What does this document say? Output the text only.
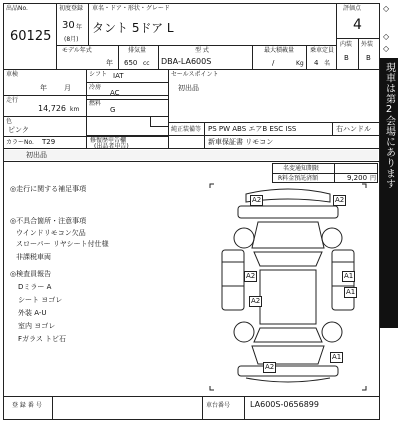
出品No.
60125
初度登録
30 年
(8月)
車名・ドア・形状・グレード
タント 5ドア L
評価点
4
内装 外装
B B
モデル年式
年
排気量
650 cc
型 式
DBA-LA600S
最大積載量
/	Kg
乗車定員
4 名
車検
年 月
走行
14,726 km
色
ピンク
カラーNo. T29
シフト IAT
冷房
AC
燃料
G
セールスポイント
初出品
純正装備等 PS PW ABS エアB ESC ISS	右ハンドル
修復歴申告欄
(出品者申告)
新車保証書 リモコン
初出品
名変通知期限
R料金預託済額	9,200 円
◎走行に関する補足事項
◎不具合箇所・注意事項
ウインドリモコン欠品
スローパー リヤシート付仕様
非課税車両
◎検査員報告
Dミラー A
シート ヨゴレ
外装 A-U
室内 ヨゴレ
Fガラス トビ石
A2	A2
A2	A1
A1
A2
A1
A2
◇
◇
◇
現車は第2会場にあります
登 録 番 号	車台番号 LA600S-0656899
